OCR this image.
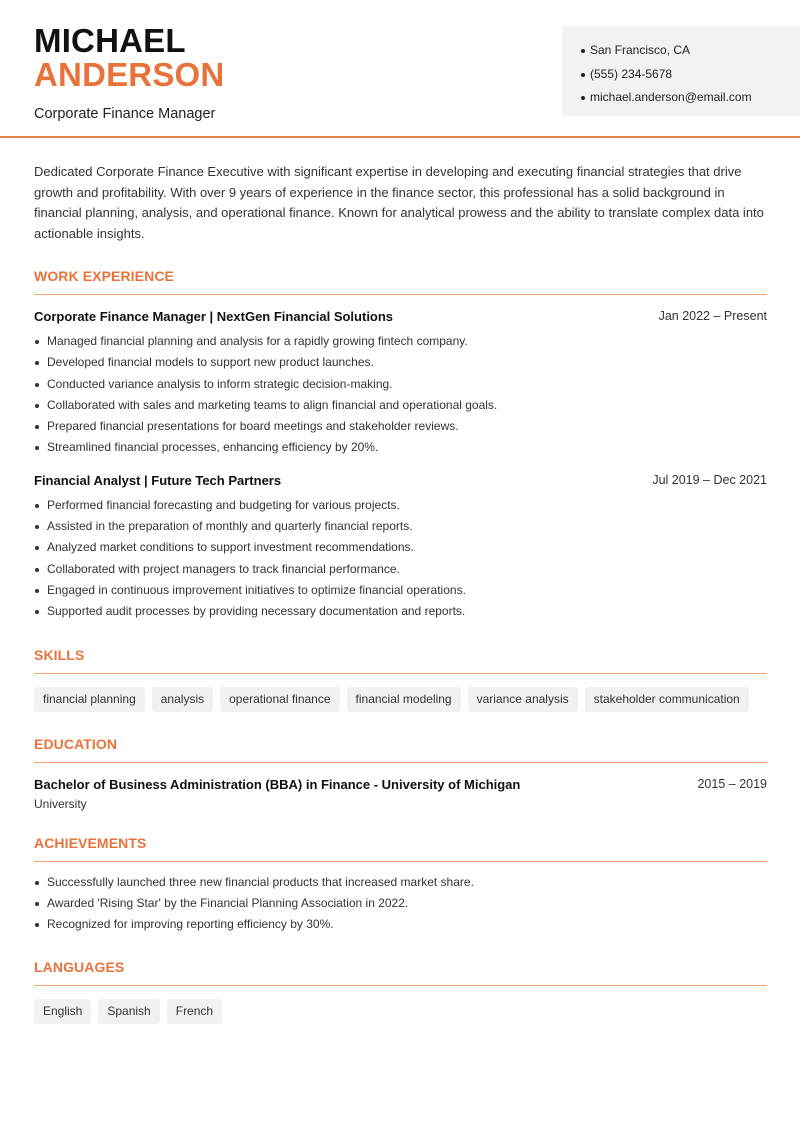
MICHAEL
ANDERSON
Corporate Finance Manager
San Francisco, CA
(555) 234-5678
michael.anderson@email.com

Dedicated Corporate Finance Executive with significant expertise in developing and executing financial strategies that drive growth and profitability. With over 9 years of experience in the finance sector, this professional has a solid background in financial planning, analysis, and operational finance. Known for analytical prowess and the ability to translate complex data into actionable insights.

WORK EXPERIENCE
Corporate Finance Manager | NextGen Financial Solutions	Jan 2022 – Present
Managed financial planning and analysis for a rapidly growing fintech company.
Developed financial models to support new product launches.
Conducted variance analysis to inform strategic decision-making.
Collaborated with sales and marketing teams to align financial and operational goals.
Prepared financial presentations for board meetings and stakeholder reviews.
Streamlined financial processes, enhancing efficiency by 20%.
Financial Analyst | Future Tech Partners	Jul 2019 – Dec 2021
Performed financial forecasting and budgeting for various projects.
Assisted in the preparation of monthly and quarterly financial reports.
Analyzed market conditions to support investment recommendations.
Collaborated with project managers to track financial performance.
Engaged in continuous improvement initiatives to optimize financial operations.
Supported audit processes by providing necessary documentation and reports.
SKILLS
financial planning	analysis	operational finance	financial modeling	variance analysis	stakeholder communication
EDUCATION
Bachelor of Business Administration (BBA) in Finance - University of Michigan	2015 – 2019
University
ACHIEVEMENTS
Successfully launched three new financial products that increased market share.
Awarded 'Rising Star' by the Financial Planning Association in 2022.
Recognized for improving reporting efficiency by 30%.
LANGUAGES
English	Spanish	French
